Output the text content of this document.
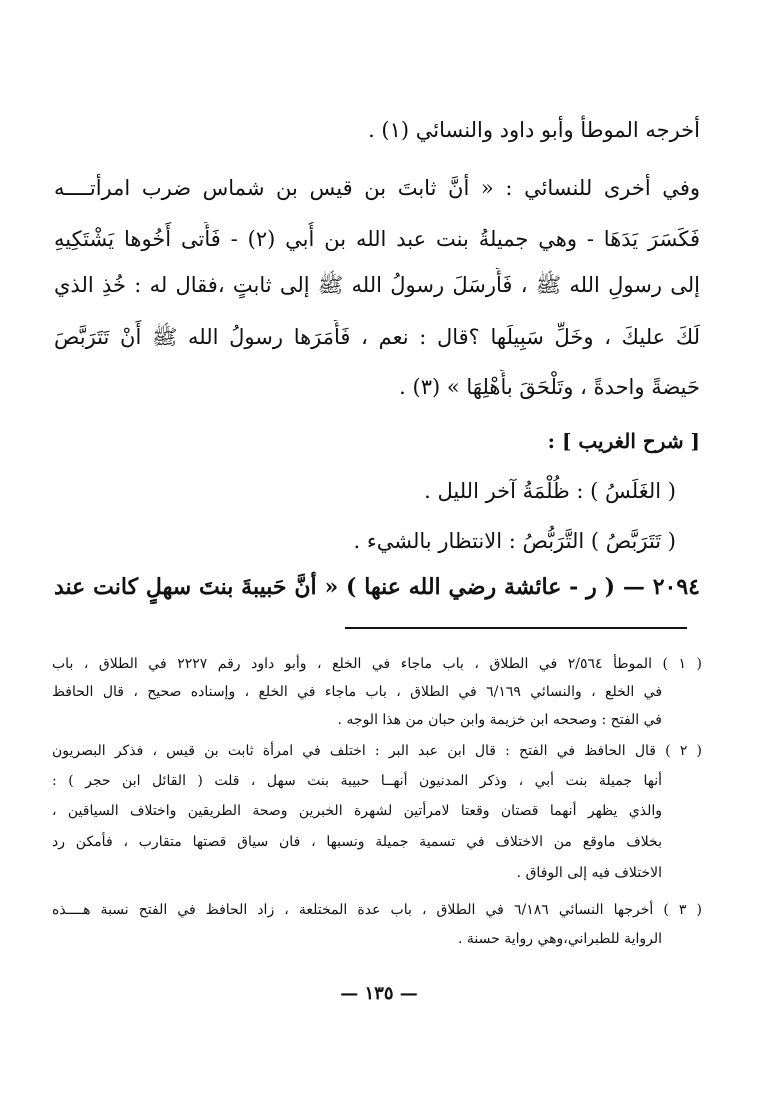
أخرجه الموطأ وأبو داود والنسائي (١) .
وفي أخرى للنسائي : « أنَّ ثابتَ بن قيس بن شماس ضرب امرأتــــه
فَكَسَرَ يَدَهَا - وهي جميلةُ بنت عبد الله بن أُبي (٢) - فَأَتى أَخُوها يَشْتَكِيهِ
إلى رسولِ الله ﷺ ، فَأَرسَلَ رسولُ الله ﷺ إلى ثابتٍ ،فقال له : خُذِ الذي
لَكَ عليكَ ، وخَلِّ سَبِيلَها ؟قال : نعم ، فَأَمَرَها رسولُ الله ﷺ أَنْ تَتَرَبَّصَ
حَيضةً واحدةً ، وتَلْحَقَ بأَهْلِهَا » (٣) .
[ شرح الغريب ] :
( الغَلَسُ ) : ظُلْمَةُ آخر الليل .
( تَتَرَبَّصُ ) التَّرَبُّصُ : الانتظار بالشيء .
٢٠٩٤ — ( ر - عائشة رضي الله عنها ) « أنَّ حَبيبةَ بنتَ سهلٍ كانت عند
( ١ ) الموطأ ٢/٥٦٤ في الطلاق ، باب ماجاء في الخلع ، وأبو داود رقم ٢٢٢٧ في الطلاق ، باب
في الخلع ، والنسائي ٦/١٦٩ في الطلاق ، باب ماجاء في الخلع ، وإسناده صحيح ، قال الحافظ
في الفتح : وصححه ابن خزيمة وابن حبان من هذا الوجه .
( ٢ ) قال الحافظ في الفتح : قال ابن عبد البر : اختلف في امرأة ثابت بن قيس ، فذكر البصريون
أنها جميلة بنت أبي ، وذكر المدنيون أنهــا حبيبة بنت سهل ، قلت ( القائل ابن حجر ) :
والذي يظهر أنهما قصتان وقعتا لامرأتين لشهرة الخبرين وصحة الطريقين واختلاف السياقين ،
بخلاف ماوقع من الاختلاف في تسمية جميلة ونسبها ، فان سياق قصتها متقارب ، فأمكن رد
الاختلاف فيه إلى الوفاق .
( ٣ ) أخرجها النسائي ٦/١٨٦ في الطلاق ، باب عدة المختلعة ، زاد الحافظ في الفتح نسبة هــــذه
الرواية للطبراني،وهي رواية حسنة .
— ١٣٥ —
